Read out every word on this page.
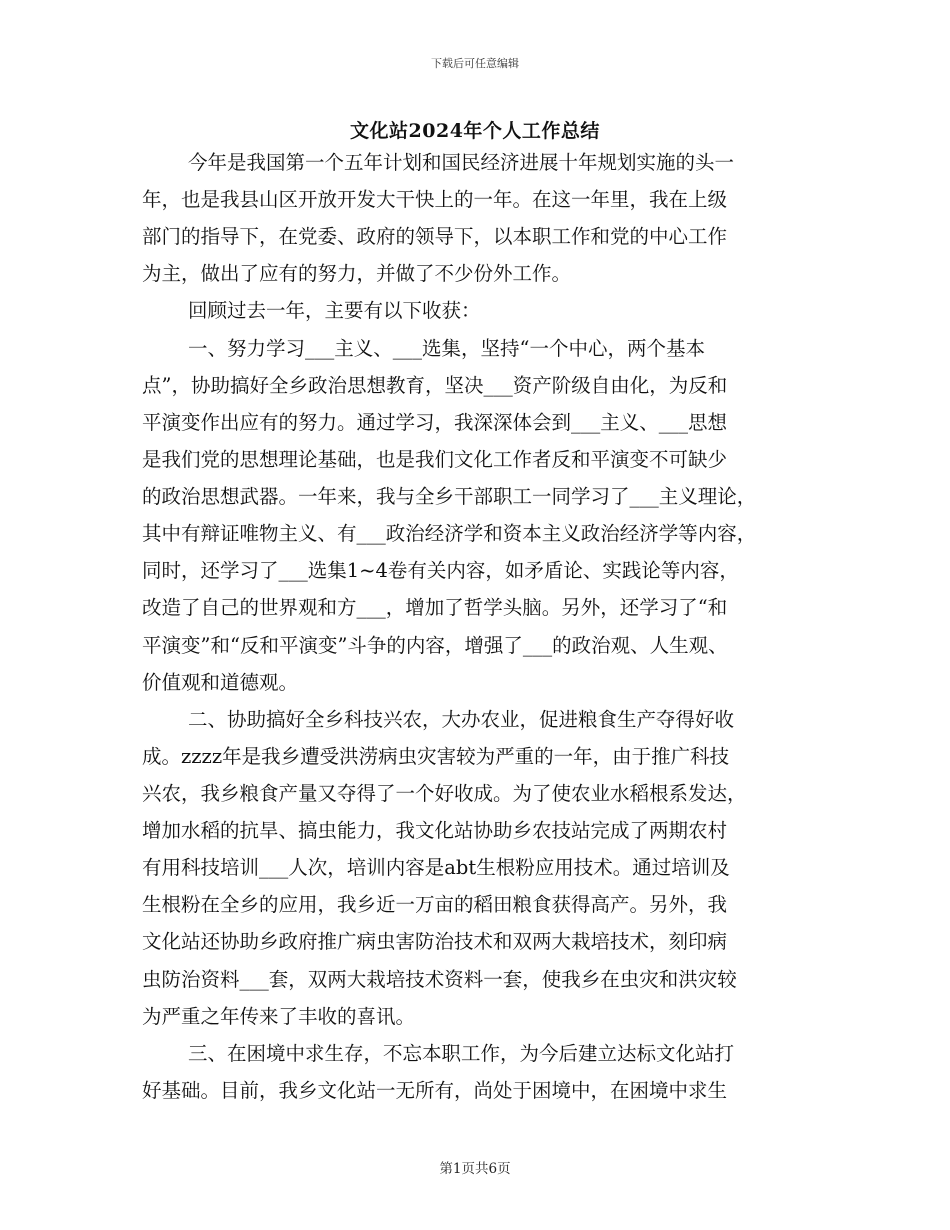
下载后可任意编辑
文化站2024年个人工作总结
今年是我国第一个五年计划和国民经济进展十年规划实施的头一
年，也是我县山区开放开发大干快上的一年。在这一年里，我在上级
部门的指导下，在党委、政府的领导下，以本职工作和党的中心工作
为主，做出了应有的努力，并做了不少份外工作。
回顾过去一年，主要有以下收获：
一、努力学习___主义、___选集，坚持“一个中心，两个基本
点”，协助搞好全乡政治思想教育，坚决___资产阶级自由化，为反和
平演变作出应有的努力。通过学习，我深深体会到___主义、___思想
是我们党的思想理论基础，也是我们文化工作者反和平演变不可缺少
的政治思想武器。一年来，我与全乡干部职工一同学习了___主义理论，
其中有辩证唯物主义、有___政治经济学和资本主义政治经济学等内容，
同时，还学习了___选集1~4卷有关内容，如矛盾论、实践论等内容，
改造了自己的世界观和方___，增加了哲学头脑。另外，还学习了“和
平演变”和“反和平演变”斗争的内容，增强了___的政治观、人生观、
价值观和道德观。
二、协助搞好全乡科技兴农，大办农业，促进粮食生产夺得好收
成。zzzz年是我乡遭受洪涝病虫灾害较为严重的一年，由于推广科技
兴农，我乡粮食产量又夺得了一个好收成。为了使农业水稻根系发达，
增加水稻的抗旱、搞虫能力，我文化站协助乡农技站完成了两期农村
有用科技培训___人次，培训内容是abt生根粉应用技术。通过培训及
生根粉在全乡的应用，我乡近一万亩的稻田粮食获得高产。另外，我
文化站还协助乡政府推广病虫害防治技术和双两大栽培技术，刻印病
虫防治资料___套，双两大栽培技术资料一套，使我乡在虫灾和洪灾较
为严重之年传来了丰收的喜讯。
三、在困境中求生存，不忘本职工作，为今后建立达标文化站打
好基础。目前，我乡文化站一无所有，尚处于困境中，在困境中求生
第1页共6页
